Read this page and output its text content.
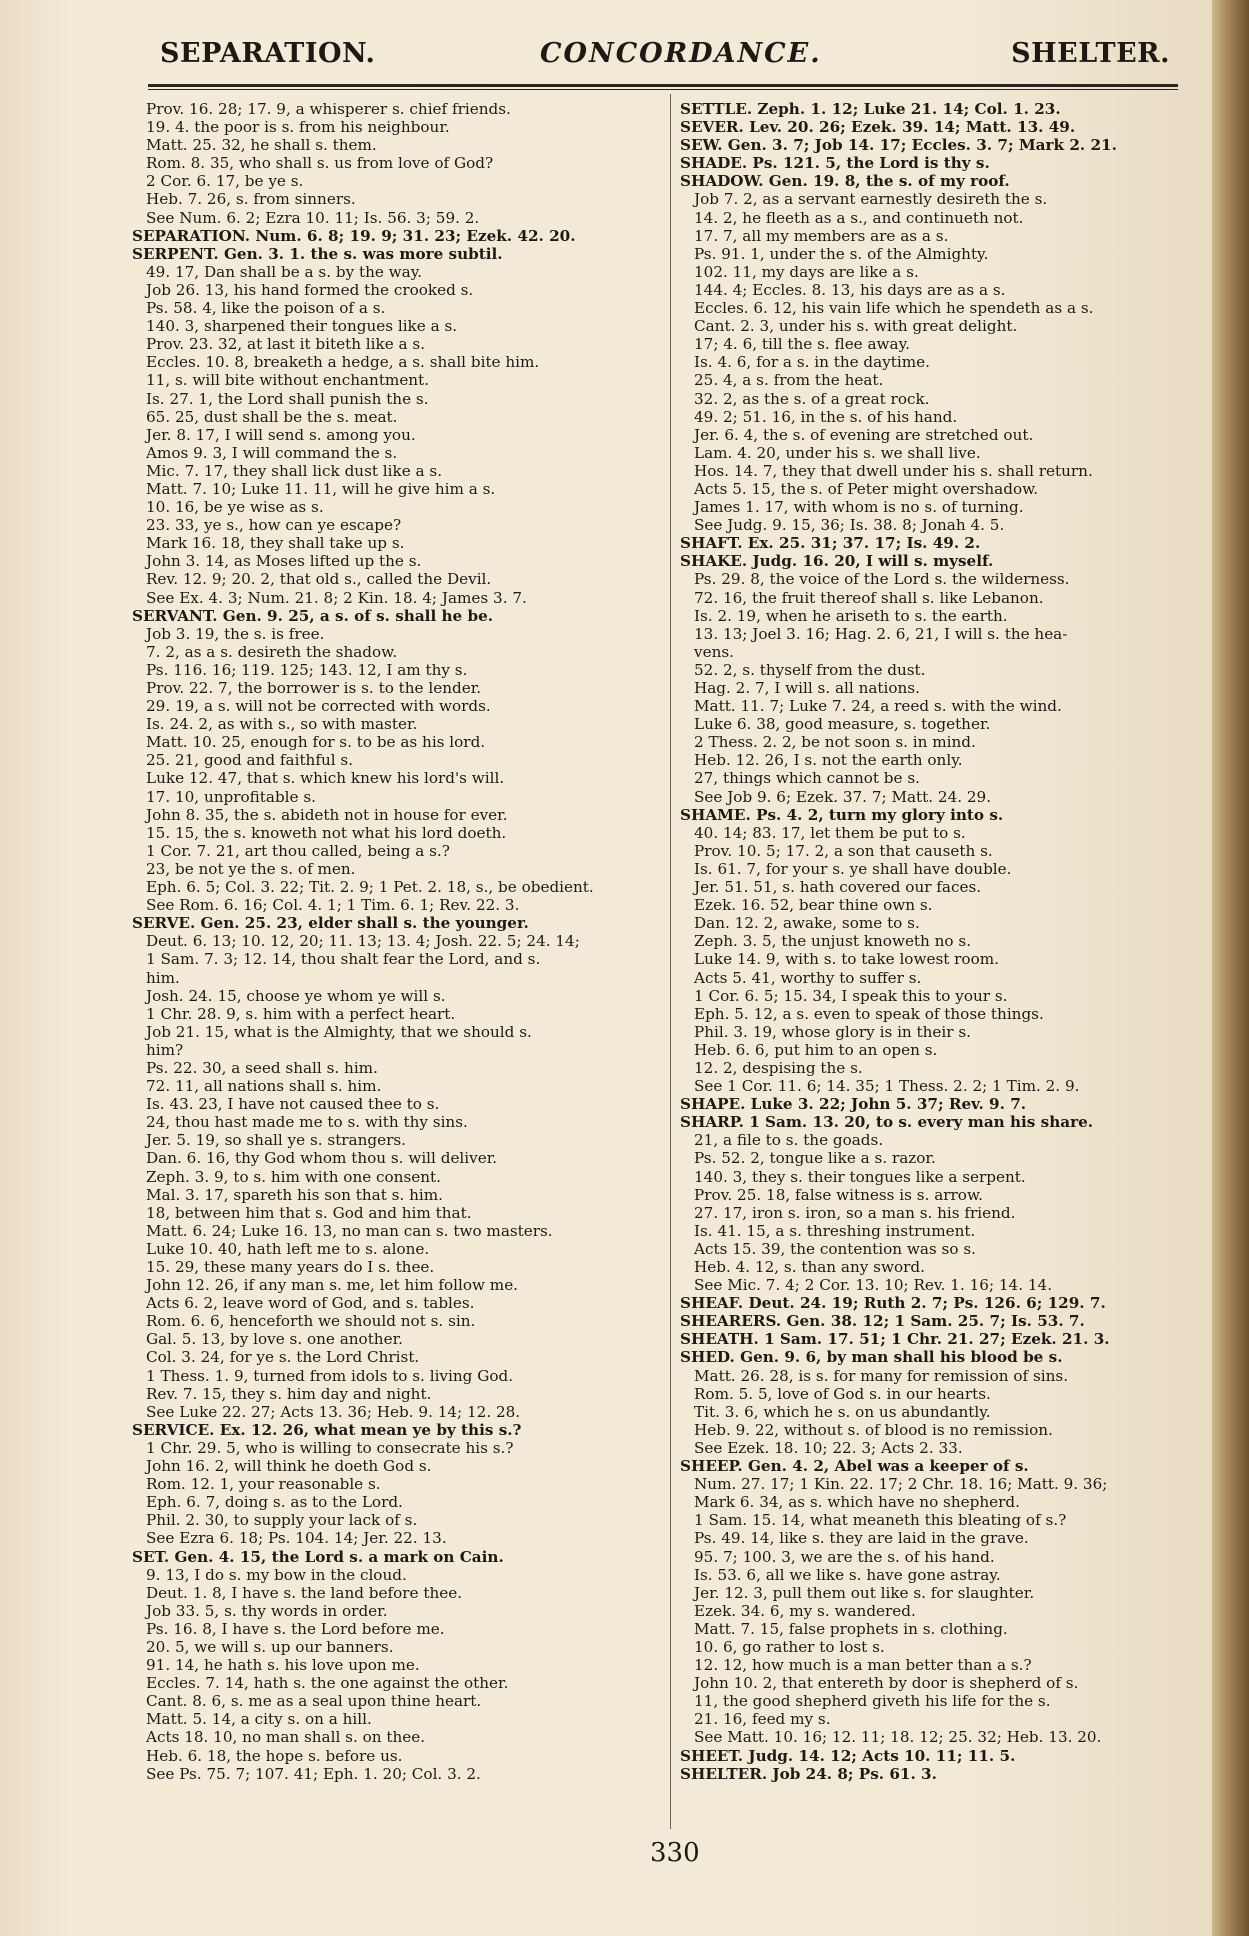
SEPARATION.	CONCORDANCE.	SHELTER.
Prov. 16. 28; 17. 9, a whisperer s. chief friends.
19. 4. the poor is s. from his neighbour.
Matt. 25. 32, he shall s. them.
Rom. 8. 35, who shall s. us from love of God?
2 Cor. 6. 17, be ye s.
Heb. 7. 26, s. from sinners.
See Num. 6. 2; Ezra 10. 11; Is. 56. 3; 59. 2.
SEPARATION. Num. 6. 8; 19. 9; 31. 23; Ezek. 42. 20.
SERPENT. Gen. 3. 1. the s. was more subtil.
49. 17, Dan shall be a s. by the way.
Job 26. 13, his hand formed the crooked s.
Ps. 58. 4, like the poison of a s.
140. 3, sharpened their tongues like a s.
Prov. 23. 32, at last it biteth like a s.
Eccles. 10. 8, breaketh a hedge, a s. shall bite him.
11, s. will bite without enchantment.
Is. 27. 1, the Lord shall punish the s.
65. 25, dust shall be the s. meat.
Jer. 8. 17, I will send s. among you.
Amos 9. 3, I will command the s.
Mic. 7. 17, they shall lick dust like a s.
Matt. 7. 10; Luke 11. 11, will he give him a s.
10. 16, be ye wise as s.
23. 33, ye s., how can ye escape?
Mark 16. 18, they shall take up s.
John 3. 14, as Moses lifted up the s.
Rev. 12. 9; 20. 2, that old s., called the Devil.
See Ex. 4. 3; Num. 21. 8; 2 Kin. 18. 4; James 3. 7.
SERVANT. Gen. 9. 25, a s. of s. shall he be.
Job 3. 19, the s. is free.
7. 2, as a s. desireth the shadow.
Ps. 116. 16; 119. 125; 143. 12, I am thy s.
Prov. 22. 7, the borrower is s. to the lender.
29. 19, a s. will not be corrected with words.
Is. 24. 2, as with s., so with master.
Matt. 10. 25, enough for s. to be as his lord.
25. 21, good and faithful s.
Luke 12. 47, that s. which knew his lord's will.
17. 10, unprofitable s.
John 8. 35, the s. abideth not in house for ever.
15. 15, the s. knoweth not what his lord doeth.
1 Cor. 7. 21, art thou called, being a s.?
23, be not ye the s. of men.
Eph. 6. 5; Col. 3. 22; Tit. 2. 9; 1 Pet. 2. 18, s., be obedient.
See Rom. 6. 16; Col. 4. 1; 1 Tim. 6. 1; Rev. 22. 3.
SERVE. Gen. 25. 23, elder shall s. the younger.
Deut. 6. 13; 10. 12, 20; 11. 13; 13. 4; Josh. 22. 5; 24. 14;
1 Sam. 7. 3; 12. 14, thou shalt fear the Lord, and s.
him.
Josh. 24. 15, choose ye whom ye will s.
1 Chr. 28. 9, s. him with a perfect heart.
Job 21. 15, what is the Almighty, that we should s.
him?
Ps. 22. 30, a seed shall s. him.
72. 11, all nations shall s. him.
Is. 43. 23, I have not caused thee to s.
24, thou hast made me to s. with thy sins.
Jer. 5. 19, so shall ye s. strangers.
Dan. 6. 16, thy God whom thou s. will deliver.
Zeph. 3. 9, to s. him with one consent.
Mal. 3. 17, spareth his son that s. him.
18, between him that s. God and him that.
Matt. 6. 24; Luke 16. 13, no man can s. two masters.
Luke 10. 40, hath left me to s. alone.
15. 29, these many years do I s. thee.
John 12. 26, if any man s. me, let him follow me.
Acts 6. 2, leave word of God, and s. tables.
Rom. 6. 6, henceforth we should not s. sin.
Gal. 5. 13, by love s. one another.
Col. 3. 24, for ye s. the Lord Christ.
1 Thess. 1. 9, turned from idols to s. living God.
Rev. 7. 15, they s. him day and night.
See Luke 22. 27; Acts 13. 36; Heb. 9. 14; 12. 28.
SERVICE. Ex. 12. 26, what mean ye by this s.?
1 Chr. 29. 5, who is willing to consecrate his s.?
John 16. 2, will think he doeth God s.
Rom. 12. 1, your reasonable s.
Eph. 6. 7, doing s. as to the Lord.
Phil. 2. 30, to supply your lack of s.
See Ezra 6. 18; Ps. 104. 14; Jer. 22. 13.
SET. Gen. 4. 15, the Lord s. a mark on Cain.
9. 13, I do s. my bow in the cloud.
Deut. 1. 8, I have s. the land before thee.
Job 33. 5, s. thy words in order.
Ps. 16. 8, I have s. the Lord before me.
20. 5, we will s. up our banners.
91. 14, he hath s. his love upon me.
Eccles. 7. 14, hath s. the one against the other.
Cant. 8. 6, s. me as a seal upon thine heart.
Matt. 5. 14, a city s. on a hill.
Acts 18. 10, no man shall s. on thee.
Heb. 6. 18, the hope s. before us.
See Ps. 75. 7; 107. 41; Eph. 1. 20; Col. 3. 2.
SETTLE. Zeph. 1. 12; Luke 21. 14; Col. 1. 23.
SEVER. Lev. 20. 26; Ezek. 39. 14; Matt. 13. 49.
SEW. Gen. 3. 7; Job 14. 17; Eccles. 3. 7; Mark 2. 21.
SHADE. Ps. 121. 5, the Lord is thy s.
SHADOW. Gen. 19. 8, the s. of my roof.
Job 7. 2, as a servant earnestly desireth the s.
14. 2, he fleeth as a s., and continueth not.
17. 7, all my members are as a s.
Ps. 91. 1, under the s. of the Almighty.
102. 11, my days are like a s.
144. 4; Eccles. 8. 13, his days are as a s.
Eccles. 6. 12, his vain life which he spendeth as a s.
Cant. 2. 3, under his s. with great delight.
17; 4. 6, till the s. flee away.
Is. 4. 6, for a s. in the daytime.
25. 4, a s. from the heat.
32. 2, as the s. of a great rock.
49. 2; 51. 16, in the s. of his hand.
Jer. 6. 4, the s. of evening are stretched out.
Lam. 4. 20, under his s. we shall live.
Hos. 14. 7, they that dwell under his s. shall return.
Acts 5. 15, the s. of Peter might overshadow.
James 1. 17, with whom is no s. of turning.
See Judg. 9. 15, 36; Is. 38. 8; Jonah 4. 5.
SHAFT. Ex. 25. 31; 37. 17; Is. 49. 2.
SHAKE. Judg. 16. 20, I will s. myself.
Ps. 29. 8, the voice of the Lord s. the wilderness.
72. 16, the fruit thereof shall s. like Lebanon.
Is. 2. 19, when he ariseth to s. the earth.
13. 13; Joel 3. 16; Hag. 2. 6, 21, I will s. the hea-
vens.
52. 2, s. thyself from the dust.
Hag. 2. 7, I will s. all nations.
Matt. 11. 7; Luke 7. 24, a reed s. with the wind.
Luke 6. 38, good measure, s. together.
2 Thess. 2. 2, be not soon s. in mind.
Heb. 12. 26, I s. not the earth only.
27, things which cannot be s.
See Job 9. 6; Ezek. 37. 7; Matt. 24. 29.
SHAME. Ps. 4. 2, turn my glory into s.
40. 14; 83. 17, let them be put to s.
Prov. 10. 5; 17. 2, a son that causeth s.
Is. 61. 7, for your s. ye shall have double.
Jer. 51. 51, s. hath covered our faces.
Ezek. 16. 52, bear thine own s.
Dan. 12. 2, awake, some to s.
Zeph. 3. 5, the unjust knoweth no s.
Luke 14. 9, with s. to take lowest room.
Acts 5. 41, worthy to suffer s.
1 Cor. 6. 5; 15. 34, I speak this to your s.
Eph. 5. 12, a s. even to speak of those things.
Phil. 3. 19, whose glory is in their s.
Heb. 6. 6, put him to an open s.
12. 2, despising the s.
See 1 Cor. 11. 6; 14. 35; 1 Thess. 2. 2; 1 Tim. 2. 9.
SHAPE. Luke 3. 22; John 5. 37; Rev. 9. 7.
SHARP. 1 Sam. 13. 20, to s. every man his share.
21, a file to s. the goads.
Ps. 52. 2, tongue like a s. razor.
140. 3, they s. their tongues like a serpent.
Prov. 25. 18, false witness is s. arrow.
27. 17, iron s. iron, so a man s. his friend.
Is. 41. 15, a s. threshing instrument.
Acts 15. 39, the contention was so s.
Heb. 4. 12, s. than any sword.
See Mic. 7. 4; 2 Cor. 13. 10; Rev. 1. 16; 14. 14.
SHEAF. Deut. 24. 19; Ruth 2. 7; Ps. 126. 6; 129. 7.
SHEARERS. Gen. 38. 12; 1 Sam. 25. 7; Is. 53. 7.
SHEATH. 1 Sam. 17. 51; 1 Chr. 21. 27; Ezek. 21. 3.
SHED. Gen. 9. 6, by man shall his blood be s.
Matt. 26. 28, is s. for many for remission of sins.
Rom. 5. 5, love of God s. in our hearts.
Tit. 3. 6, which he s. on us abundantly.
Heb. 9. 22, without s. of blood is no remission.
See Ezek. 18. 10; 22. 3; Acts 2. 33.
SHEEP. Gen. 4. 2, Abel was a keeper of s.
Num. 27. 17; 1 Kin. 22. 17; 2 Chr. 18. 16; Matt. 9. 36;
Mark 6. 34, as s. which have no shepherd.
1 Sam. 15. 14, what meaneth this bleating of s.?
Ps. 49. 14, like s. they are laid in the grave.
95. 7; 100. 3, we are the s. of his hand.
Is. 53. 6, all we like s. have gone astray.
Jer. 12. 3, pull them out like s. for slaughter.
Ezek. 34. 6, my s. wandered.
Matt. 7. 15, false prophets in s. clothing.
10. 6, go rather to lost s.
12. 12, how much is a man better than a s.?
John 10. 2, that entereth by door is shepherd of s.
11, the good shepherd giveth his life for the s.
21. 16, feed my s.
See Matt. 10. 16; 12. 11; 18. 12; 25. 32; Heb. 13. 20.
SHEET. Judg. 14. 12; Acts 10. 11; 11. 5.
SHELTER. Job 24. 8; Ps. 61. 3.
330
